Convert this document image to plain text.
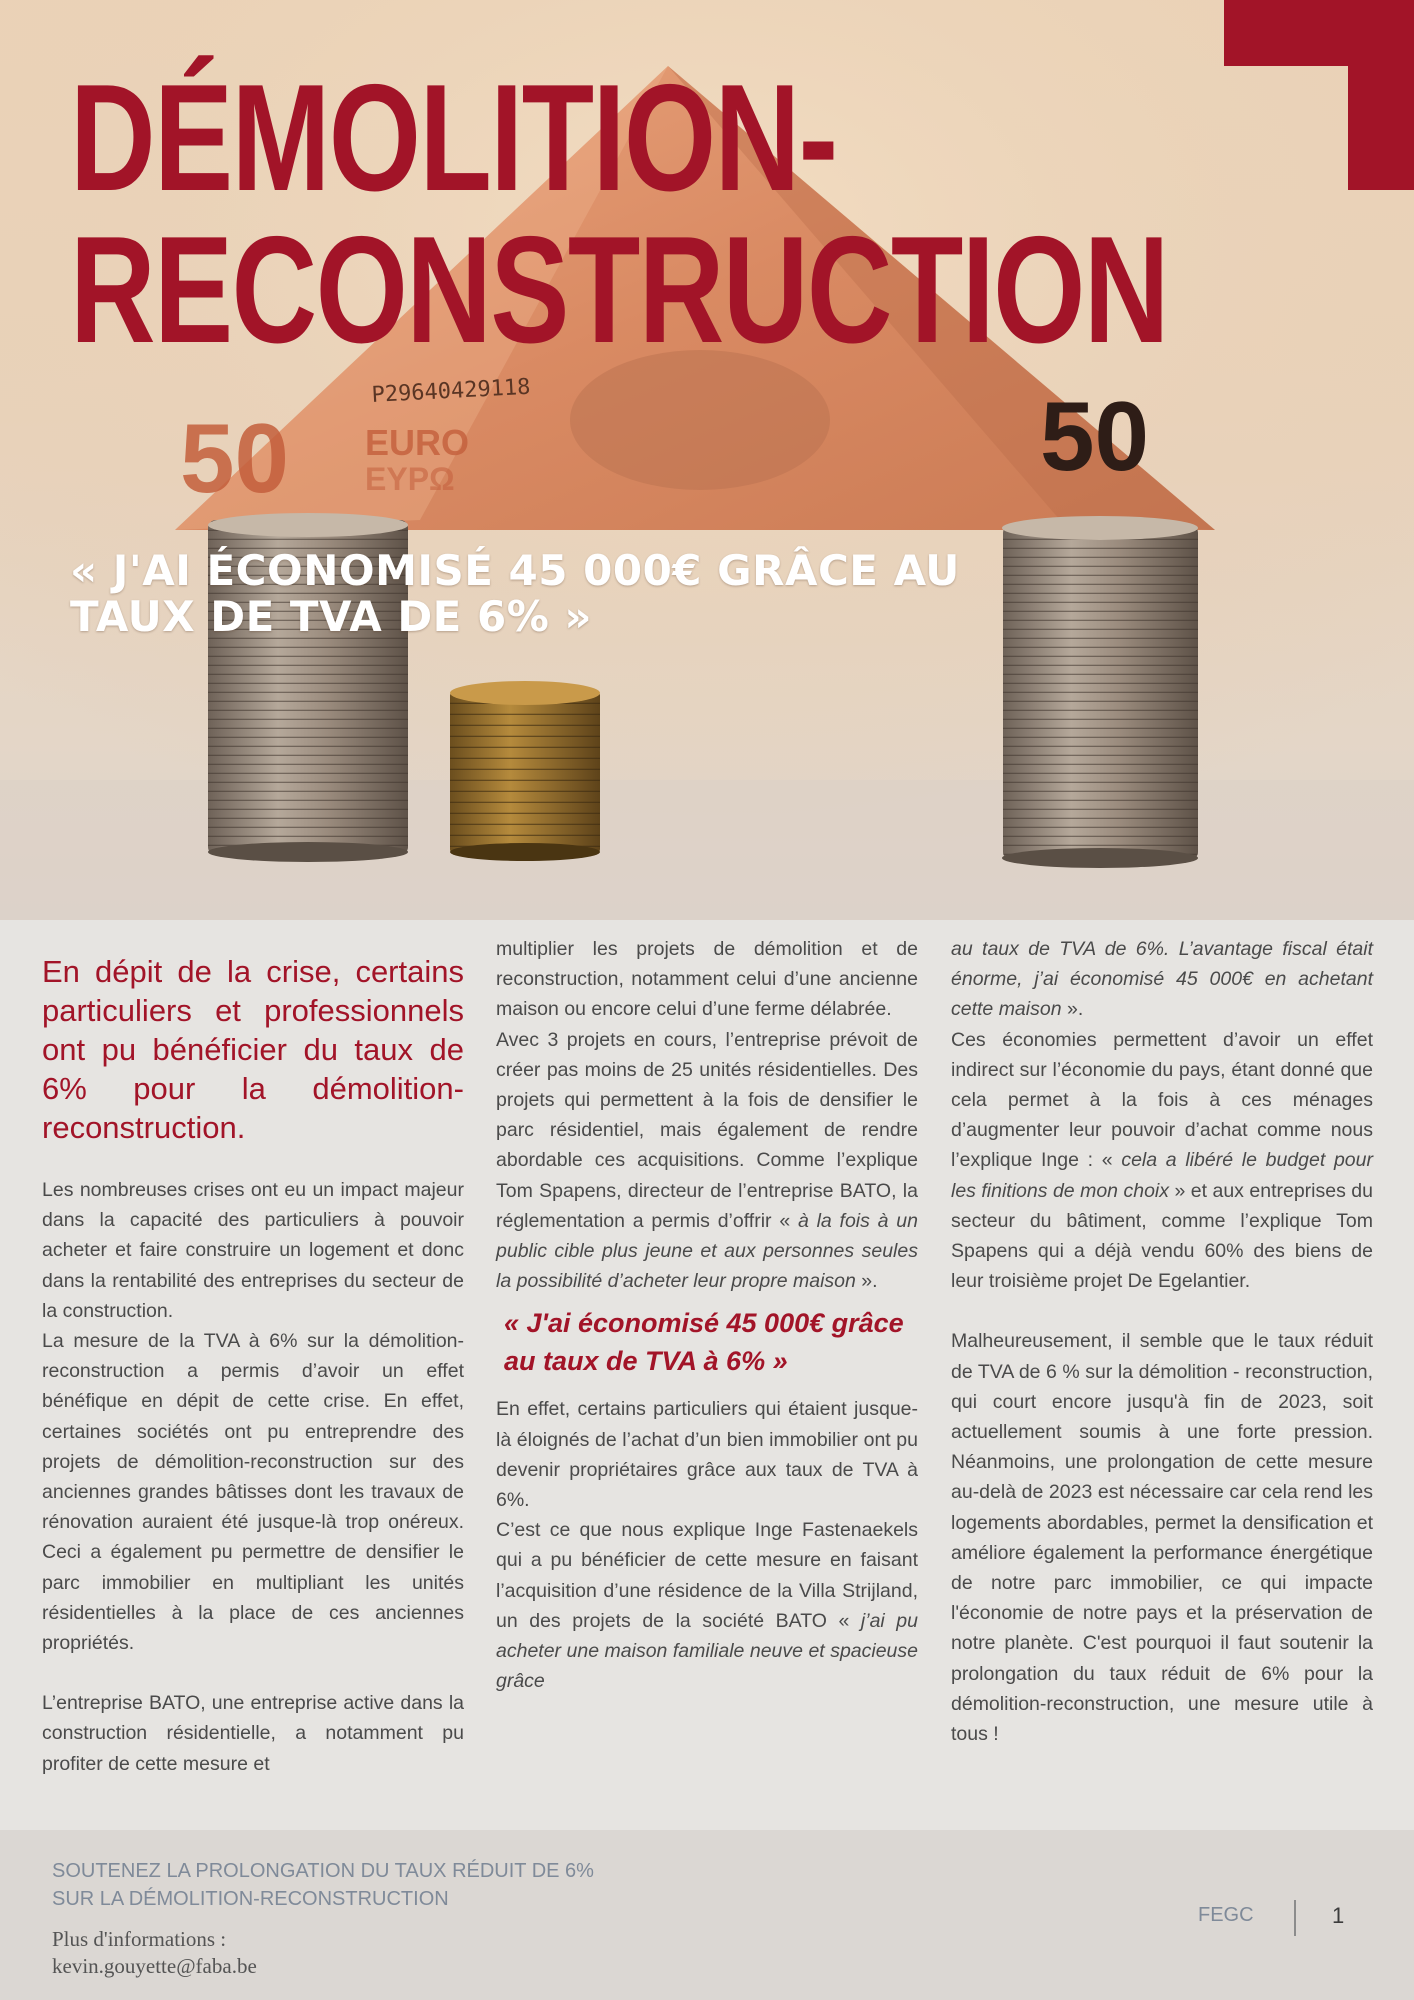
P29640429118
50 EURO
EYPΩ	50
DÉMOLITION-
RECONSTRUCTION

« J'AI ÉCONOMISÉ 45 000€ GRÂCE AU TAUX DE TVA DE 6% »

En dépit de la crise, certains particuliers et professionnels ont pu bénéficier du taux de 6% pour la démolition-reconstruction.

Les nombreuses crises ont eu un impact majeur dans la capacité des particuliers à pouvoir acheter et faire construire un logement et donc dans la rentabilité des entreprises du secteur de la construction.

La mesure de la TVA à 6% sur la démolition-reconstruction a permis d’avoir un effet bénéfique en dépit de cette crise. En effet, certaines sociétés ont pu entreprendre des projets de démolition-reconstruction sur des anciennes grandes bâtisses dont les travaux de rénovation auraient été jusque-là trop onéreux. Ceci a également pu permettre de densifier le parc immobilier en multipliant les unités résidentielles à la place de ces anciennes propriétés.

L’entreprise BATO, une entreprise active dans la construction résidentielle, a notamment pu profiter de cette mesure et

multiplier les projets de démolition et de reconstruction, notamment celui d’une ancienne maison ou encore celui d’une ferme délabrée.

Avec 3 projets en cours, l’entreprise prévoit de créer pas moins de 25 unités résidentielles. Des projets qui permettent à la fois de densifier le parc résidentiel, mais également de rendre abordable ces acquisitions. Comme l’explique Tom Spapens, directeur de l’entreprise BATO, la réglementation a permis d’offrir « à la fois à un public cible plus jeune et aux personnes seules la possibilité d’acheter leur propre maison ».

« J'ai économisé 45 000€ grâce au taux de TVA à 6% »

En effet, certains particuliers qui étaient jusque-là éloignés de l’achat d’un bien immobilier ont pu devenir propriétaires grâce aux taux de TVA à 6%.

C’est ce que nous explique Inge Fastenaekels qui a pu bénéficier de cette mesure en faisant l’acquisition d’une résidence de la Villa Strijland, un des projets de la société BATO « j’ai pu acheter une maison familiale neuve et spacieuse grâce

au taux de TVA de 6%. L’avantage fiscal était énorme, j’ai économisé 45 000€ en achetant cette maison ».

Ces économies permettent d’avoir un effet indirect sur l’économie du pays, étant donné que cela permet à la fois à ces ménages d’augmenter leur pouvoir d’achat comme nous l’explique Inge : « cela a libéré le budget pour les finitions de mon choix » et aux entreprises du secteur du bâtiment, comme l’explique Tom Spapens qui a déjà vendu 60% des biens de leur troisième projet De Egelantier.

Malheureusement, il semble que le taux réduit de TVA de 6 % sur la démolition - reconstruction, qui court encore jusqu'à fin de 2023, soit actuellement soumis à une forte pression. Néanmoins, une prolongation de cette mesure au-delà de 2023 est nécessaire car cela rend les logements abordables, permet la densification et améliore également la performance énergétique de notre parc immobilier, ce qui impacte l'économie de notre pays et la préservation de notre planète. C'est pourquoi il faut soutenir la prolongation du taux réduit de 6% pour la démolition-reconstruction, une mesure utile à tous !

SOUTENEZ LA PROLONGATION DU TAUX RÉDUIT DE 6%
SUR LA DÉMOLITION-RECONSTRUCTION
Plus d'informations :
kevin.gouyette@faba.be
FEGC	1
